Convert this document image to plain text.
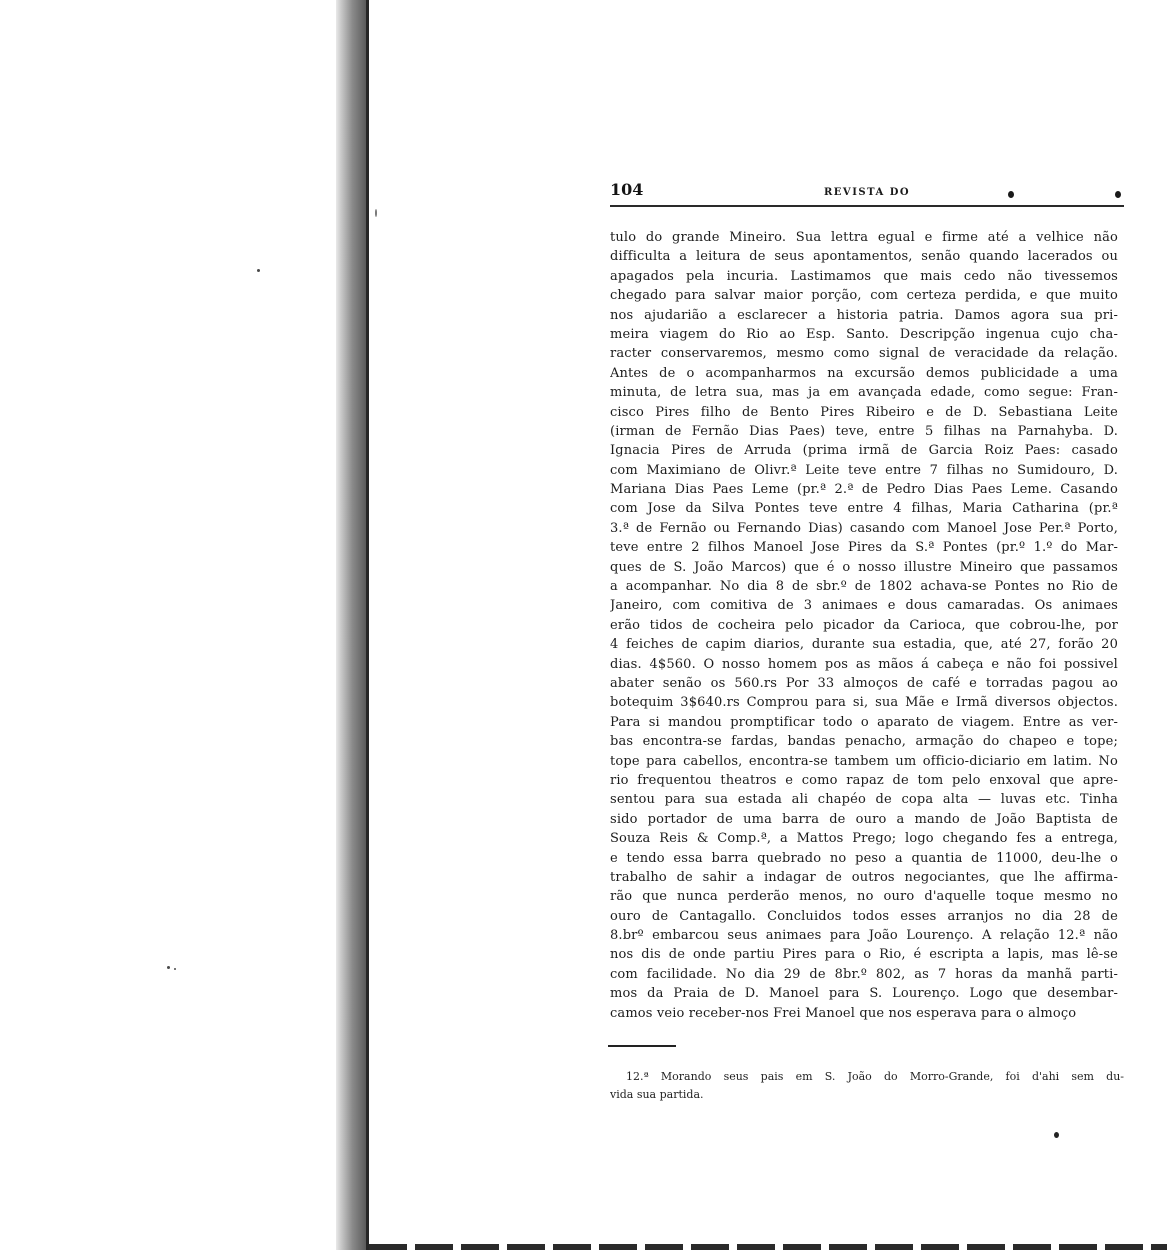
104	REVISTA DO
tulo do grande Mineiro. Sua lettra egual e firme até a velhice não
difficulta a leitura de seus apontamentos, senão quando lacerados ou
apagados pela incuria. Lastimamos que mais cedo não tivessemos
chegado para salvar maior porção, com certeza perdida, e que muito
nos ajudarião a esclarecer a historia patria. Damos agora sua pri-
meira viagem do Rio ao Esp. Santo. Descripção ingenua cujo cha-
racter conservaremos, mesmo como signal de veracidade da relação.
Antes de o acompanharmos na excursão demos publicidade a uma
minuta, de letra sua, mas ja em avançada edade, como segue: Fran-
cisco Pires filho de Bento Pires Ribeiro e de D. Sebastiana Leite
(irman de Fernão Dias Paes) teve, entre 5 filhas na Parnahyba. D.
Ignacia Pires de Arruda (prima irmã de Garcia Roiz Paes: casado
com Maximiano de Olivr.ª Leite teve entre 7 filhas no Sumidouro, D.
Mariana Dias Paes Leme (pr.ª 2.ª de Pedro Dias Paes Leme. Casando
com Jose da Silva Pontes teve entre 4 filhas, Maria Catharina (pr.ª
3.ª de Fernão ou Fernando Dias) casando com Manoel Jose Per.ª Porto,
teve entre 2 filhos Manoel Jose Pires da S.ª Pontes (pr.º 1.º do Mar-
ques de S. João Marcos) que é o nosso illustre Mineiro que passamos
a acompanhar. No dia 8 de sbr.º de 1802 achava-se Pontes no Rio de
Janeiro, com comitiva de 3 animaes e dous camaradas. Os animaes
erão tidos de cocheira pelo picador da Carioca, que cobrou-lhe, por
4 feiches de capim diarios, durante sua estadia, que, até 27, forão 20
dias. 4$560. O nosso homem pos as mãos á cabeça e não foi possivel
abater senão os 560.rs Por 33 almoços de café e torradas pagou ao
botequim 3$640.rs Comprou para si, sua Mãe e Irmã diversos objectos.
Para si mandou promptificar todo o aparato de viagem. Entre as ver-
bas encontra-se fardas, bandas penacho, armação do chapeo e tope;
tope para cabellos, encontra-se tambem um officio-diciario em latim. No
rio frequentou theatros e como rapaz de tom pelo enxoval que apre-
sentou para sua estada ali chapéo de copa alta — luvas etc. Tinha
sido portador de uma barra de ouro a mando de João Baptista de
Souza Reis & Comp.ª, a Mattos Prego; logo chegando fes a entrega,
e tendo essa barra quebrado no peso a quantia de 11000, deu-lhe o
trabalho de sahir a indagar de outros negociantes, que lhe affirma-
rão que nunca perderão menos, no ouro d'aquelle toque mesmo no
ouro de Cantagallo. Concluidos todos esses arranjos no dia 28 de
8.brº embarcou seus animaes para João Lourenço. A relação 12.ª não
nos dis de onde partiu Pires para o Rio, é escripta a lapis, mas lê-se
com facilidade. No dia 29 de 8br.º 802, as 7 horas da manhã parti-
mos da Praia de D. Manoel para S. Lourenço. Logo que desembar-
camos veio receber-nos Frei Manoel que nos esperava para o almoço
12.ª Morando seus pais em S. João do Morro-Grande, foi d'ahi sem du-
vida sua partida.
